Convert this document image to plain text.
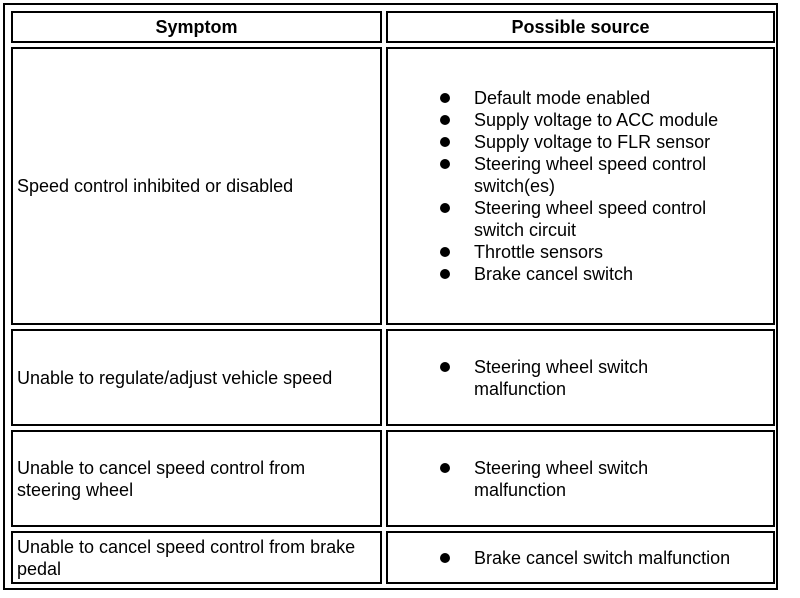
Symptom	Possible source
Speed control inhibited or disabled
Default mode enabled
Supply voltage to ACC module
Supply voltage to FLR sensor
Steering wheel speed control switch(es)
Steering wheel speed control switch circuit
Throttle sensors
Brake cancel switch
Unable to regulate/adjust vehicle speed
Steering wheel switch malfunction
Unable to cancel speed control from steering wheel
Steering wheel switch malfunction
Unable to cancel speed control from brake pedal
Brake cancel switch malfunction
